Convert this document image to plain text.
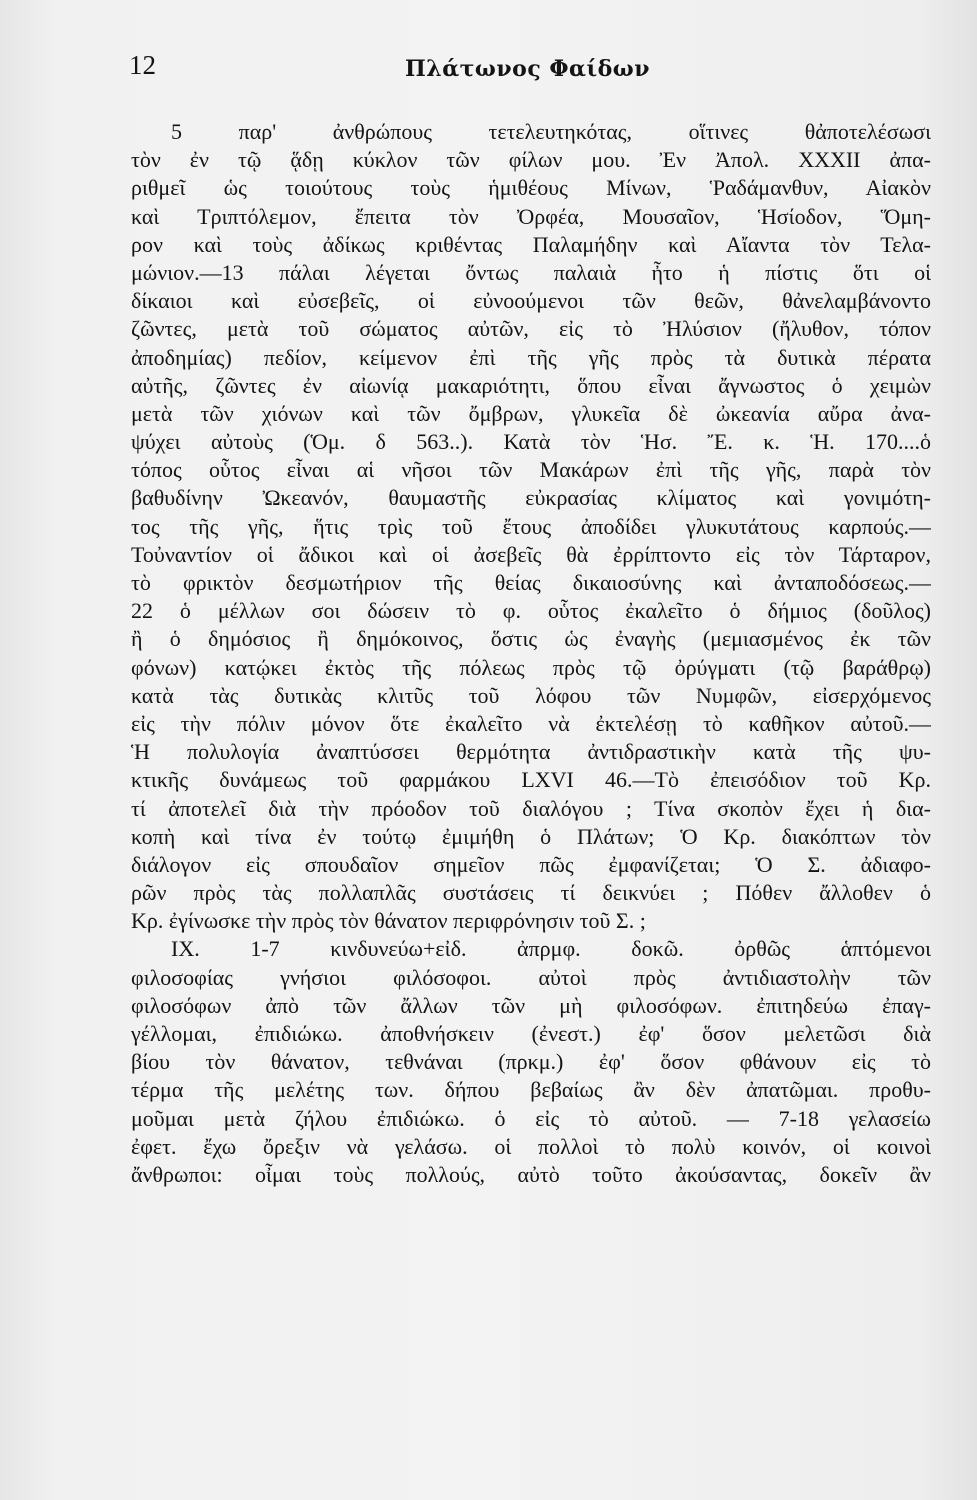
12	Πλάτωνος Φαίδων
5 παρ' ἀνθρώπους τετελευτηκότας, οἵτινες θἀποτελέσωσι
τὸν ἐν τῷ ᾅδῃ κύκλον τῶν φίλων μου. Ἐν Ἀπολ. XXXII ἀπα-
ριθμεῖ ὡς τοιούτους τοὺς ἡμιθέους Μίνων, Ῥαδάμανθυν, Αἰακὸν
καὶ Τριπτόλεμον, ἔπειτα τὸν Ὀρφέα, Μουσαῖον, Ἡσίοδον, Ὅμη-
ρον καὶ τοὺς ἀδίκως κριθέντας Παλαμήδην καὶ Αἴαντα τὸν Τελα-
μώνιον.—13 πάλαι λέγεται ὄντως παλαιὰ ἦτο ἡ πίστις ὅτι οἱ
δίκαιοι καὶ εὐσεβεῖς, οἱ εὐνοούμενοι τῶν θεῶν, θἀνελαμβάνοντο
ζῶντες, μετὰ τοῦ σώματος αὐτῶν, εἰς τὸ Ἠλύσιον (ἤλυθον, τόπον
ἀποδημίας) πεδίον, κείμενον ἐπὶ τῆς γῆς πρὸς τὰ δυτικὰ πέρατα
αὐτῆς, ζῶντες ἐν αἰωνίᾳ μακαριότητι, ὅπου εἶναι ἄγνωστος ὁ χειμὼν
μετὰ τῶν χιόνων καὶ τῶν ὄμβρων, γλυκεῖα δὲ ὠκεανία αὔρα ἀνα-
ψύχει αὐτοὺς (Ὁμ. δ 563..). Κατὰ τὸν Ἡσ. Ἔ. κ. Ἡ. 170....ὁ
τόπος οὗτος εἶναι αἱ νῆσοι τῶν Μακάρων ἐπὶ τῆς γῆς, παρὰ τὸν
βαθυδίνην Ὠκεανόν, θαυμαστῆς εὐκρασίας κλίματος καὶ γονιμότη-
τος τῆς γῆς, ἥτις τρὶς τοῦ ἔτους ἀποδίδει γλυκυτάτους καρπούς.—
Τοὐναντίον οἱ ἄδικοι καὶ οἱ ἀσεβεῖς θὰ ἐρρίπτοντο εἰς τὸν Τάρταρον,
τὸ φρικτὸν δεσμωτήριον τῆς θείας δικαιοσύνης καὶ ἀνταποδόσεως.—
22 ὁ μέλλων σοι δώσειν τὸ φ. οὗτος ἐκαλεῖτο ὁ δήμιος (δοῦλος)
ἢ ὁ δημόσιος ἢ δημόκοινος, ὅστις ὡς ἐναγὴς (μεμιασμένος ἐκ τῶν
φόνων) κατῴκει ἐκτὸς τῆς πόλεως πρὸς τῷ ὀρύγματι (τῷ βαράθρῳ)
κατὰ τὰς δυτικὰς κλιτῦς τοῦ λόφου τῶν Νυμφῶν, εἰσερχόμενος
εἰς τὴν πόλιν μόνον ὅτε ἐκαλεῖτο νὰ ἐκτελέσῃ τὸ καθῆκον αὐτοῦ.—
Ἡ πολυλογία ἀναπτύσσει θερμότητα ἀντιδραστικὴν κατὰ τῆς ψυ-
κτικῆς δυνάμεως τοῦ φαρμάκου LXVI 46.—Τὸ ἐπεισόδιον τοῦ Κρ.
τί ἀποτελεῖ διὰ τὴν πρόοδον τοῦ διαλόγου ; Τίνα σκοπὸν ἔχει ἡ δια-
κοπὴ καὶ τίνα ἐν τούτῳ ἐμιμήθη ὁ Πλάτων; Ὁ Κρ. διακόπτων τὸν
διάλογον εἰς σπουδαῖον σημεῖον πῶς ἐμφανίζεται; Ὁ Σ. ἀδιαφο-
ρῶν πρὸς τὰς πολλαπλᾶς συστάσεις τί δεικνύει ; Πόθεν ἄλλοθεν ὁ
Κρ. ἐγίνωσκε τὴν πρὸς τὸν θάνατον περιφρόνησιν τοῦ Σ. ;
IX. 1-7 κινδυνεύω+εἰδ. ἀπρμφ. δοκῶ. ὀρθῶς ἁπτόμενοι
φιλοσοφίας γνήσιοι φιλόσοφοι. αὐτοὶ πρὸς ἀντιδιαστολὴν τῶν
φιλοσόφων ἀπὸ τῶν ἄλλων τῶν μὴ φιλοσόφων. ἐπιτηδεύω ἐπαγ-
γέλλομαι, ἐπιδιώκω. ἀποθνήσκειν (ἐνεστ.) ἐφ' ὅσον μελετῶσι διὰ
βίου τὸν θάνατον, τεθνάναι (πρκμ.) ἐφ' ὅσον φθάνουν εἰς τὸ
τέρμα τῆς μελέτης των. δήπου βεβαίως ἂν δὲν ἀπατῶμαι. προθυ-
μοῦμαι μετὰ ζήλου ἐπιδιώκω. ὁ εἰς τὸ αὐτοῦ. — 7-18 γελασείω
ἐφετ. ἔχω ὄρεξιν νὰ γελάσω. οἱ πολλοὶ τὸ πολὺ κοινόν, οἱ κοινοὶ
ἄνθρωποι: οἶμαι τοὺς πολλούς, αὐτὸ τοῦτο ἀκούσαντας, δοκεῖν ἂν
